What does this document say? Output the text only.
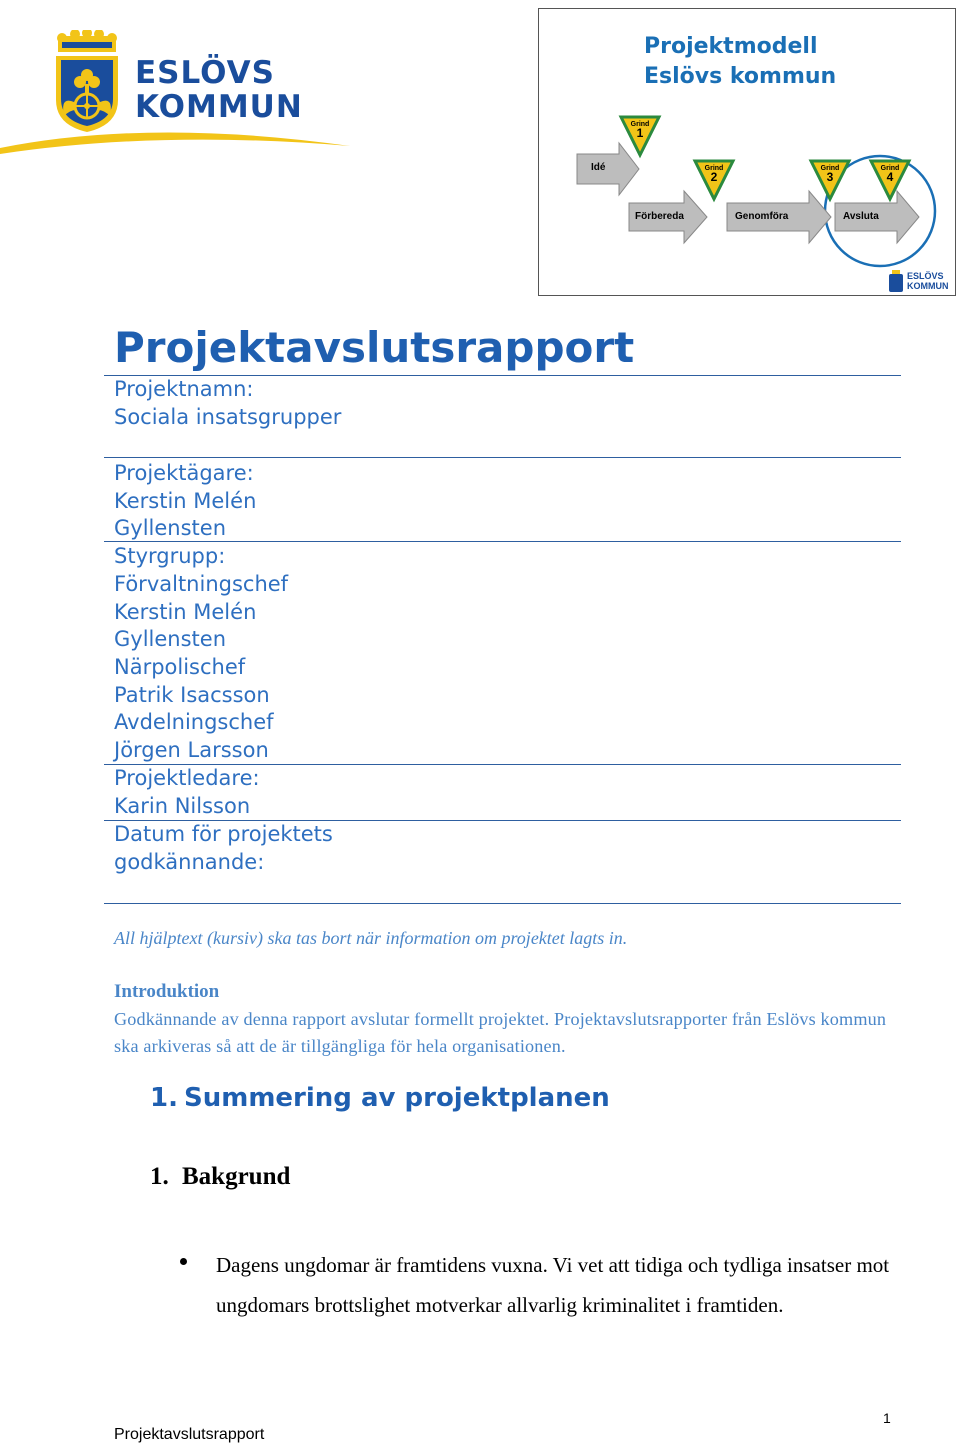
ESLÖVS
KOMMUN
Projektmodell
Eslövs kommun
Grind
1
Grind
2
Grind
3
Grind
4
Idé
Förbereda	Genomföra	Avsluta
ESLÖVS
KOMMUN
Projektavslutsrapport
Projektnamn:
Sociala insatsgrupper
Projektägare:
Kerstin Melén
Gyllensten
Styrgrupp:
Förvaltningschef
Kerstin Melén
Gyllensten
Närpolischef
Patrik Isacsson
Avdelningschef
Jörgen Larsson
Projektledare:
Karin Nilsson
Datum för projektets
godkännande:
All hjälptext (kursiv) ska tas bort när information om projektet lagts in.
Introduktion
Godkännande av denna rapport avslutar formellt projektet. Projektavslutsrapporter från Eslövs kommun ska arkiveras så att de är tillgängliga för hela organisationen.
1. Summering av projektplanen
1. Bakgrund
Dagens ungdomar är framtidens vuxna. Vi vet att tidiga och tydliga insatser mot ungdomars brottslighet motverkar allvarlig kriminalitet i framtiden.
Projektavslutsrapport
1
